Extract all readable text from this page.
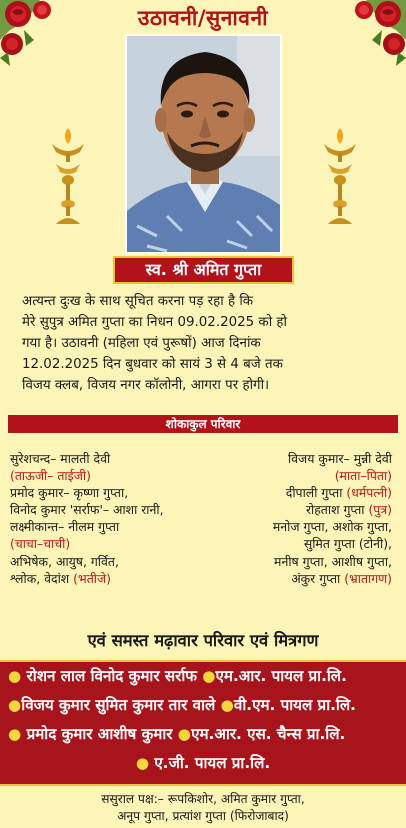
उठावनी/सुनावनी
स्व. श्री अमित गुप्ता
अत्यन्त दुःख के साथ सूचित करना पड़ रहा है कि
मेरे सुपुत्र अमित गुप्ता का निधन 09.02.2025 को हो
गया है। उठावनी (महिला एवं पुरूषों) आज दिनांक
12.02.2025 दिन बुधवार को सायं 3 से 4 बजे तक
विजय क्लब, विजय नगर कॉलोनी, आगरा पर होगी।
शोकाकुल परिवार
सुरेशचन्द– मालती देवी
(ताऊजी– ताईजी)
प्रमोद कुमार– कृष्णा गुप्ता,
विनोद कुमार 'सर्राफ'– आशा रानी,
लक्ष्मीकान्त– नीलम गुप्ता
(चाचा–चाची)
अभिषेक, आयुष, गर्वित,
श्लोक, वेदांश (भतीजे)
विजय कुमार– मुन्नी देवी
(माता–पिता)
दीपाली गुप्ता (धर्मपत्नी)
रोहताश गुप्ता (पुत्र)
मनोज गुप्ता, अशोक गुप्ता,
सुमित गुप्ता (टोनी),
मनीष गुप्ता, आशीष गुप्ता,
अंकुर गुप्ता (भ्रातागण)
एवं समस्त मढ़ावार परिवार एवं मित्रगण
● रोशन लाल विनोद कुमार सर्राफ ●एम.आर. पायल प्रा.लि.
●विजय कुमार सुमित कुमार तार वाले ●वी.एम. पायल प्रा.लि.
● प्रमोद कुमार आशीष कुमार ●एम.आर. एस. चैन्स प्रा.लि.
● ए.जी. पायल प्रा.लि.
ससुराल पक्ष:– रूपकिशोर, अमित कुमार गुप्ता,
अनूप गुप्ता, प्रत्यांश गुप्ता (फिरोजाबाद)
